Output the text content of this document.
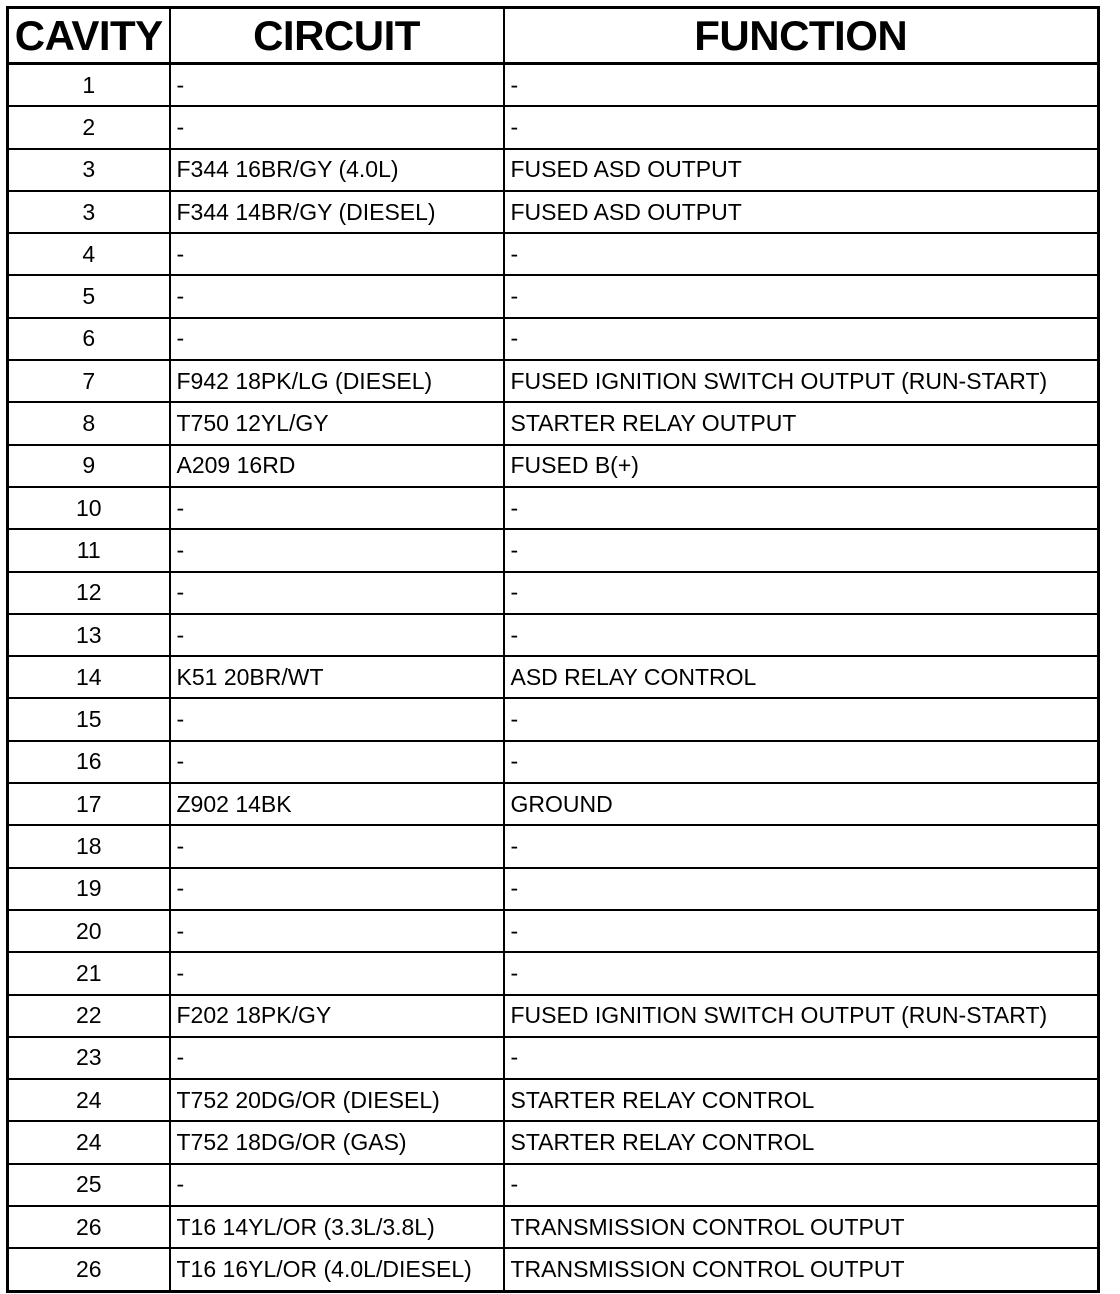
CAVITY	CIRCUIT	FUNCTION
1	-	-
2	-	-
3	F344 16BR/GY (4.0L)	FUSED ASD OUTPUT
3	F344 14BR/GY (DIESEL)	FUSED ASD OUTPUT
4	-	-
5	-	-
6	-	-
7	F942 18PK/LG (DIESEL)	FUSED IGNITION SWITCH OUTPUT (RUN-START)
8	T750 12YL/GY	STARTER RELAY OUTPUT
9	A209 16RD	FUSED B(+)
10	-	-
11	-	-
12	-	-
13	-	-
14	K51 20BR/WT	ASD RELAY CONTROL
15	-	-
16	-	-
17	Z902 14BK	GROUND
18	-	-
19	-	-
20	-	-
21	-	-
22	F202 18PK/GY	FUSED IGNITION SWITCH OUTPUT (RUN-START)
23	-	-
24	T752 20DG/OR (DIESEL)	STARTER RELAY CONTROL
24	T752 18DG/OR (GAS)	STARTER RELAY CONTROL
25	-	-
26	T16 14YL/OR (3.3L/3.8L)	TRANSMISSION CONTROL OUTPUT
26	T16 16YL/OR (4.0L/DIESEL)	TRANSMISSION CONTROL OUTPUT
